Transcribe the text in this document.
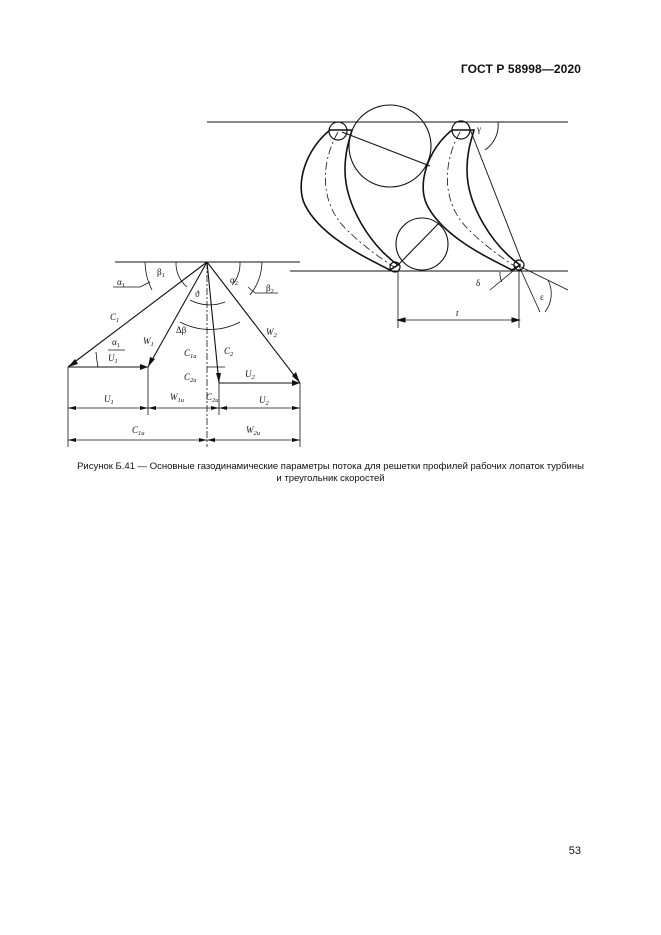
ГОСТ Р 58998—2020
γ
δ
ε
t
$\alpha_1$
$\beta_1$	$\alpha_2$	$\beta_2$
ϑ
Δβ
$C_1$
$W_1$
$C_2$
$W_2$
$\alpha_1$
$U_1$
$C_{1a}$
$C_{2a}$
$U_2$
$U_1$
$W_{1u}$ $C_{2u}$	$U_2$
$C_{1u}$	$W_{2u}$
Рисунок Б.41 — Основные газодинамические параметры потока для решетки профилей рабочих лопаток турбины
и треугольник скоростей
53
